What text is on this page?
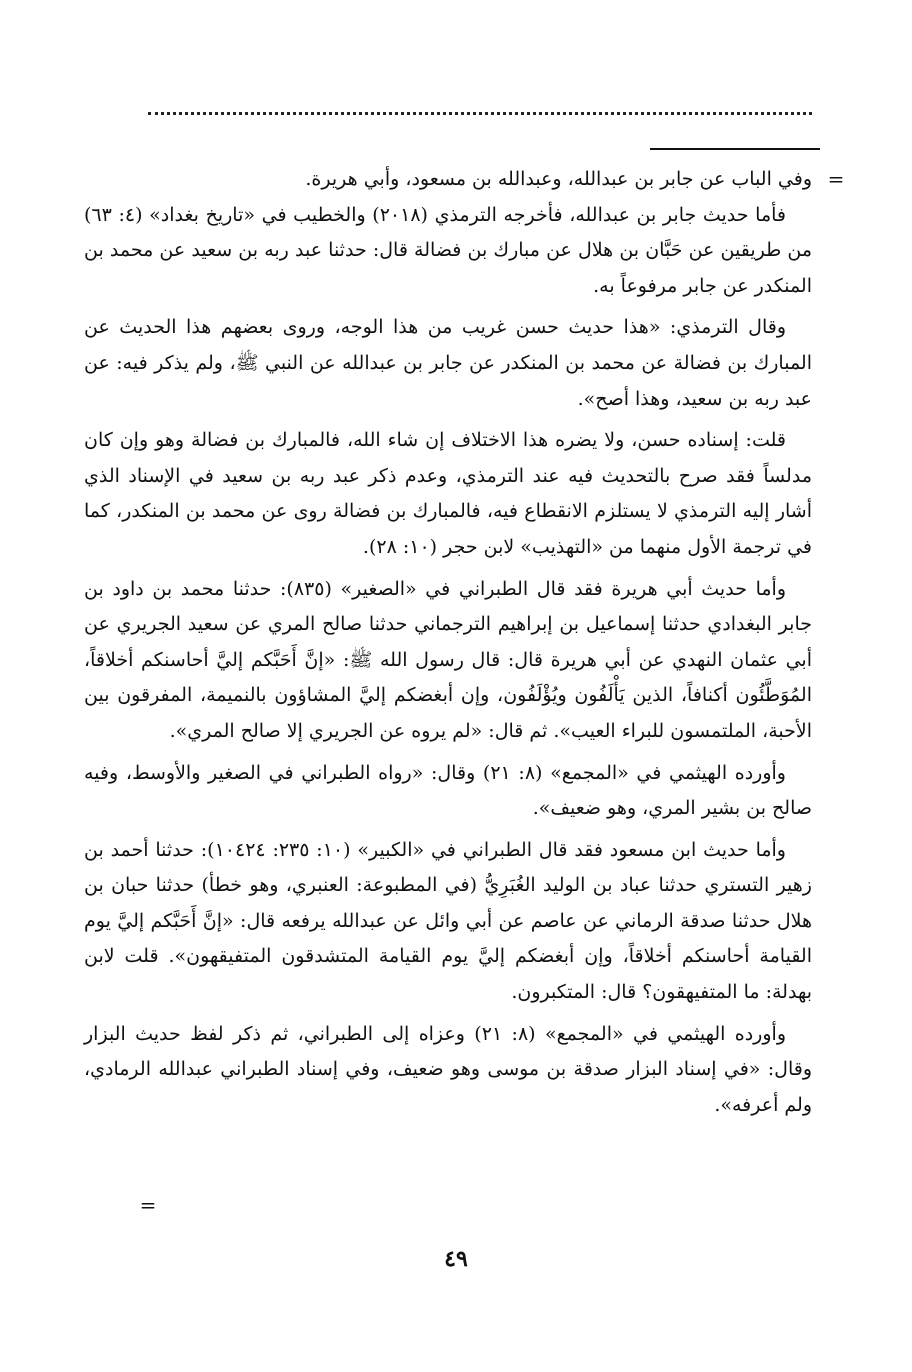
=

وفي الباب عن جابر بن عبدالله، وعبدالله بن مسعود، وأبي هريرة.

فأما حديث جابر بن عبدالله، فأخرجه الترمذي (٢٠١٨) والخطيب في «تاريخ بغداد» (٤: ٦٣) من طريقين عن حَبَّان بن هلال عن مبارك بن فضالة قال: حدثنا عبد ربه بن سعيد عن محمد بن المنكدر عن جابر مرفوعاً به.

وقال الترمذي: «هذا حديث حسن غريب من هذا الوجه، وروى بعضهم هذا الحديث عن المبارك بن فضالة عن محمد بن المنكدر عن جابر بن عبدالله عن النبي ﷺ، ولم يذكر فيه: عن عبد ربه بن سعيد، وهذا أصح».

قلت: إسناده حسن، ولا يضره هذا الاختلاف إن شاء الله، فالمبارك بن فضالة وهو وإن كان مدلساً فقد صرح بالتحديث فيه عند الترمذي، وعدم ذكر عبد ربه بن سعيد في الإسناد الذي أشار إليه الترمذي لا يستلزم الانقطاع فيه، فالمبارك بن فضالة روى عن محمد بن المنكدر، كما في ترجمة الأول منهما من «التهذيب» لابن حجر (١٠: ٢٨).

وأما حديث أبي هريرة فقد قال الطبراني في «الصغير» (٨٣٥): حدثنا محمد بن داود بن جابر البغدادي حدثنا إسماعيل بن إبراهيم الترجماني حدثنا صالح المري عن سعيد الجريري عن أبي عثمان النهدي عن أبي هريرة قال: قال رسول الله ﷺ: «إنَّ أَحَبَّكم إليَّ أحاسنكم أخلاقاً، المُوَطَّئُون أكنافاً، الذين يَأْلَفُون ويُؤْلَفُون، وإن أبغضكم إليَّ المشاؤون بالنميمة، المفرقون بين الأحبة، الملتمسون للبراء العيب». ثم قال: «لم يروه عن الجريري إلا صالح المري».

وأورده الهيثمي في «المجمع» (٨: ٢١) وقال: «رواه الطبراني في الصغير والأوسط، وفيه صالح بن بشير المري، وهو ضعيف».

وأما حديث ابن مسعود فقد قال الطبراني في «الكبير» (١٠: ٢٣٥: ١٠٤٢٤): حدثنا أحمد بن زهير التستري حدثنا عباد بن الوليد الغُبَرِيُّ (في المطبوعة: العنبري، وهو خطأ) حدثنا حبان بن هلال حدثنا صدقة الرماني عن عاصم عن أبي وائل عن عبدالله يرفعه قال: «إنَّ أَحَبَّكم إليَّ يوم القيامة أحاسنكم أخلاقاً، وإن أبغضكم إليَّ يوم القيامة المتشدقون المتفيقهون». قلت لابن بهدلة: ما المتفيهقون؟ قال: المتكبرون.

وأورده الهيثمي في «المجمع» (٨: ٢١) وعزاه إلى الطبراني، ثم ذكر لفظ حديث البزار وقال: «في إسناد البزار صدقة بن موسى وهو ضعيف، وفي إسناد الطبراني عبدالله الرمادي، ولم أعرفه».

=
٤٩
